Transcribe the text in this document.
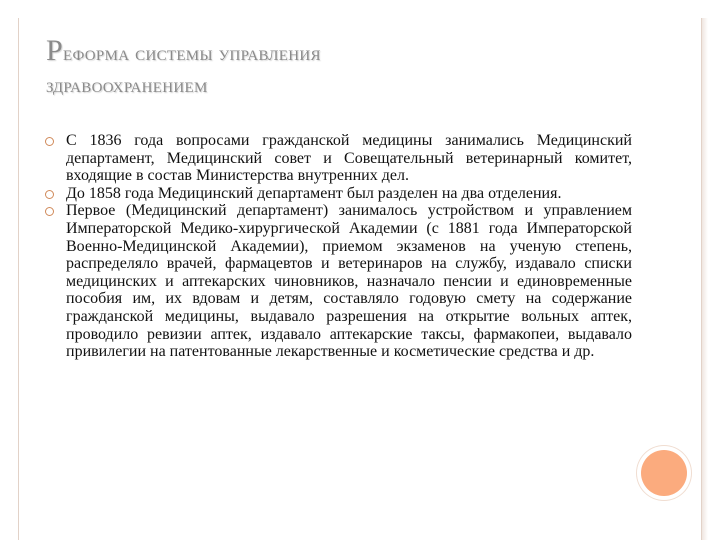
Реформа системы управления
здравоохранением
С 1836 года вопросами гражданской медицины занимались Медицинский департамент, Медицинский совет и Совещательный ветеринарный комитет, входящие в состав Министерства внутренних дел.
До 1858 года Медицинский департамент был разделен на два отделения.
Первое (Медицинский департамент) занималось устройством и управлением Императорской Медико-хирургической Академии (с 1881 года Императорской Военно-Медицинской Академии), приемом экзаменов на ученую степень, распределяло врачей, фармацевтов и ветеринаров на службу, издавало списки медицинских и аптекарских чиновников, назначало пенсии и единовременные пособия им, их вдовам и детям, составляло годовую смету на содержание гражданской медицины, выдавало разрешения на открытие вольных аптек, проводило ревизии аптек, издавало аптекарские таксы, фармакопеи, выдавало привилегии на патентованные лекарственные и косметические средства и др.
